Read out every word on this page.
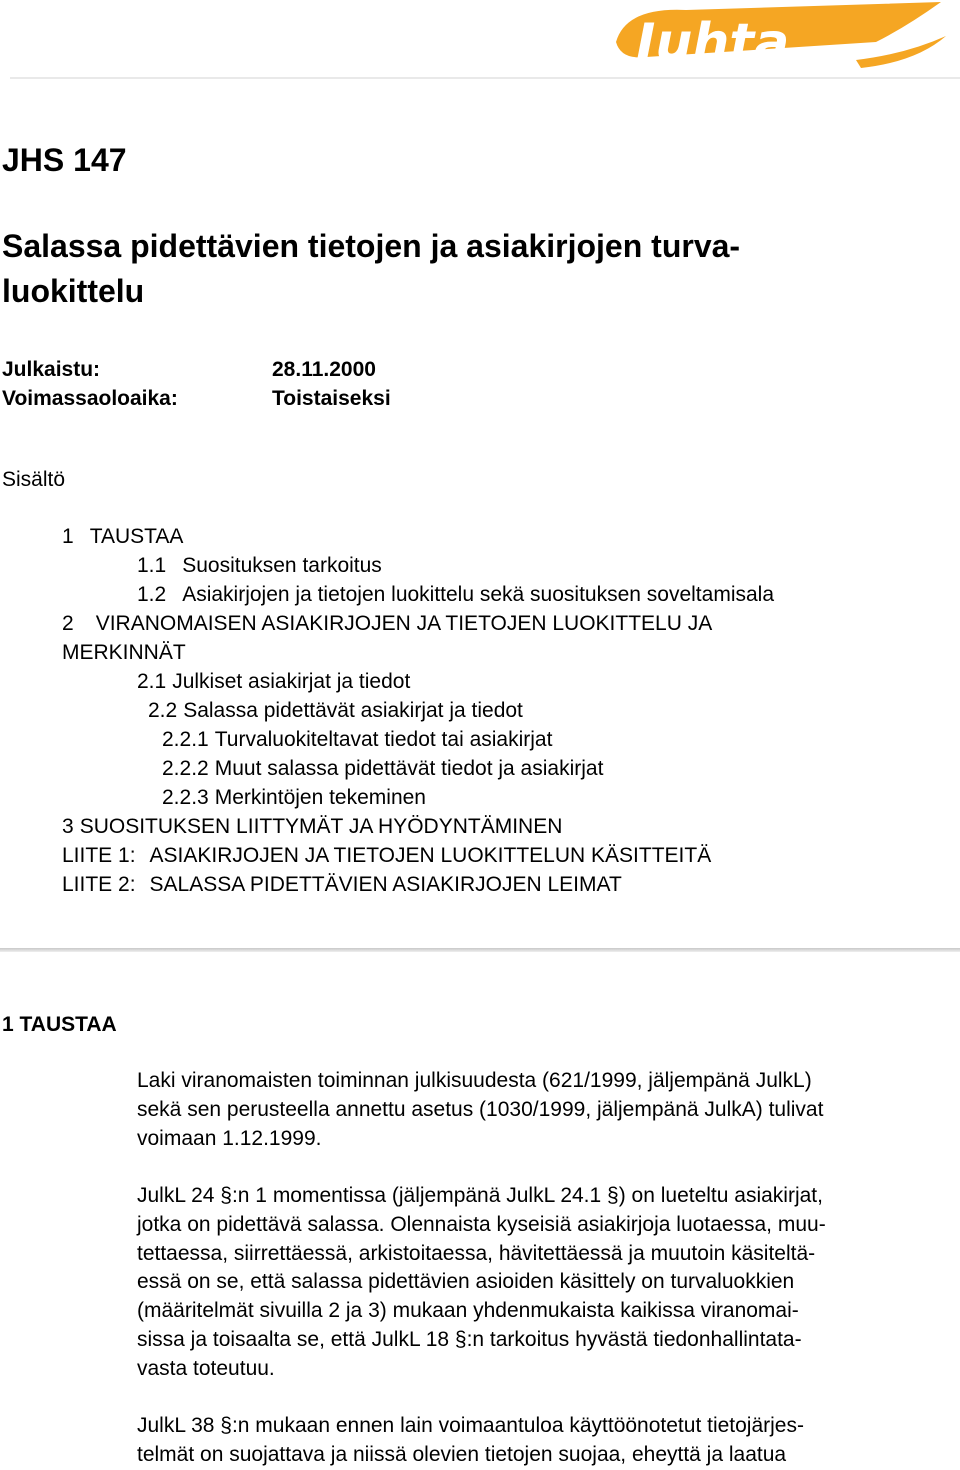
Juhta
JHS 147
Salassa pidettävien tietojen ja asiakirjojen turva-
luokittelu
Julkaistu:	28.11.2000
Voimassaoloaika:	Toistaiseksi
Sisältö
1 TAUSTAA
1.1 Suosituksen tarkoitus
1.2 Asiakirjojen ja tietojen luokittelu sekä suosituksen soveltamisala
2 VIRANOMAISEN ASIAKIRJOJEN JA TIETOJEN LUOKITTELU JA
MERKINNÄT
2.1 Julkiset asiakirjat ja tiedot
2.2 Salassa pidettävät asiakirjat ja tiedot
2.2.1 Turvaluokiteltavat tiedot tai asiakirjat
2.2.2 Muut salassa pidettävät tiedot ja asiakirjat
2.2.3 Merkintöjen tekeminen
3 SUOSITUKSEN LIITTYMÄT JA HYÖDYNTÄMINEN
LIITE 1: ASIAKIRJOJEN JA TIETOJEN LUOKITTELUN KÄSITTEITÄ
LIITE 2: SALASSA PIDETTÄVIEN ASIAKIRJOJEN LEIMAT
1 TAUSTAA

Laki viranomaisten toiminnan julkisuudesta (621/1999, jäljempänä JulkL)
sekä sen perusteella annettu asetus (1030/1999, jäljempänä JulkA) tulivat
voimaan 1.12.1999.

JulkL 24 §:n 1 momentissa (jäljempänä JulkL 24.1 §) on lueteltu asiakirjat,
jotka on pidettävä salassa. Olennaista kyseisiä asiakirjoja luotaessa, muu-
tettaessa, siirrettäessä, arkistoitaessa, hävitettäessä ja muutoin käsiteltä-
essä on se, että salassa pidettävien asioiden käsittely on turvaluokkien
(määritelmät sivuilla 2 ja 3) mukaan yhdenmukaista kaikissa viranomai-
sissa ja toisaalta se, että JulkL 18 §:n tarkoitus hyvästä tiedonhallintata-
vasta toteutuu.

JulkL 38 §:n mukaan ennen lain voimaantuloa käyttöönotetut tietojärjes-
telmät on suojattava ja niissä olevien tietojen suojaa, eheyttä ja laatua
